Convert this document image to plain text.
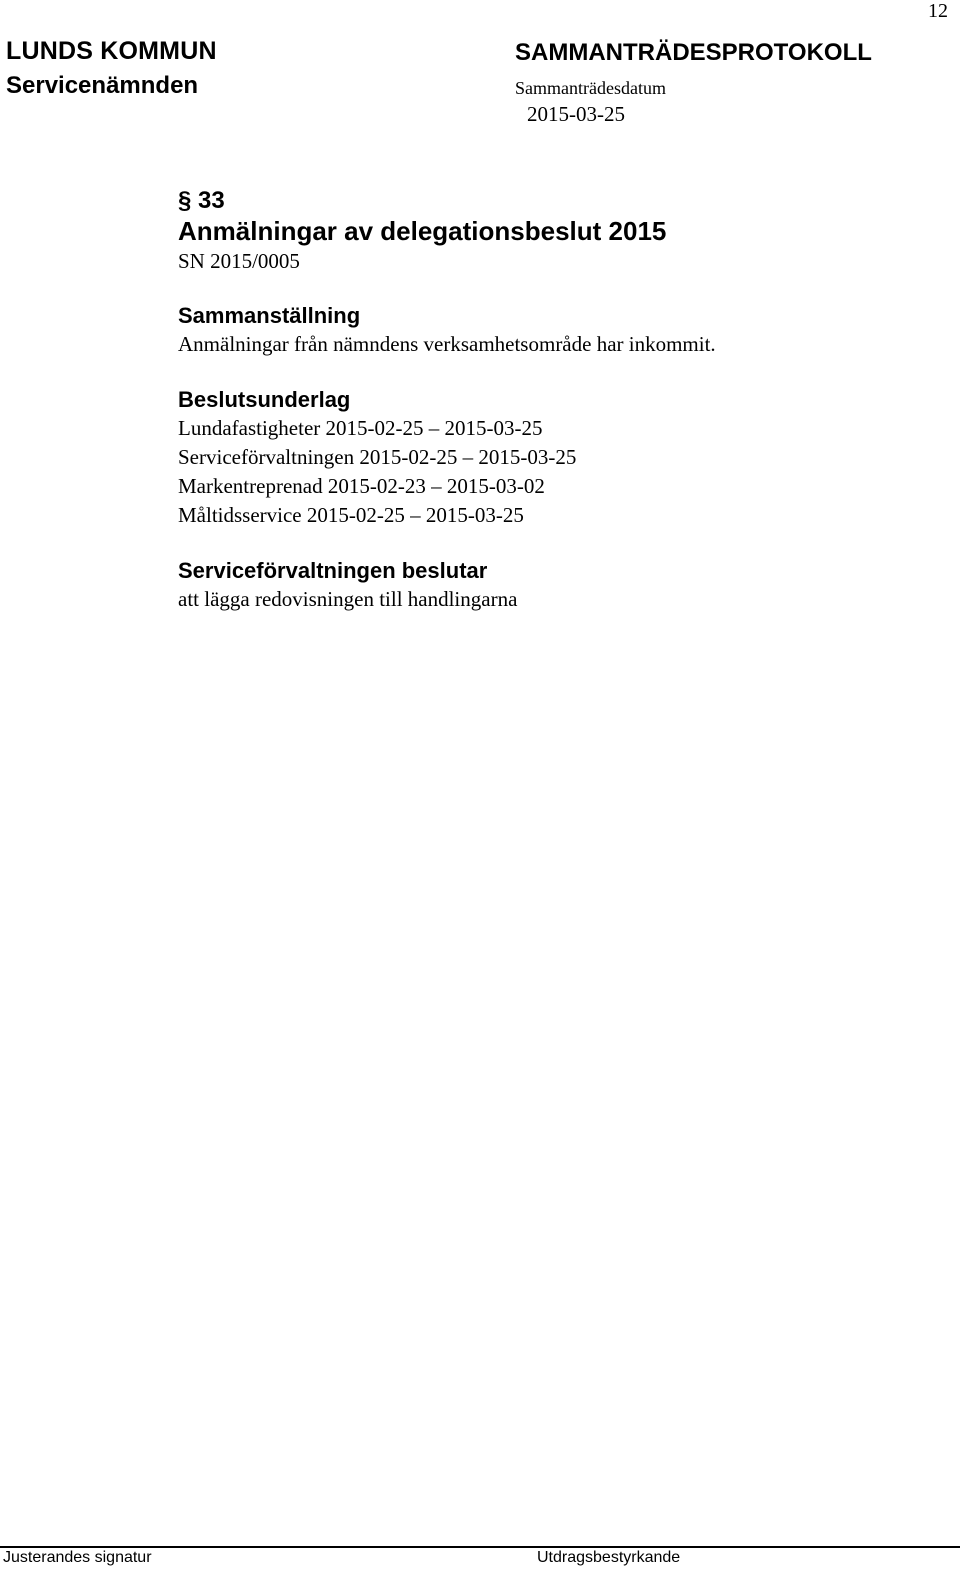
12
LUNDS KOMMUN
Servicenämnden
SAMMANTRÄDESPROTOKOLL
Sammanträdesdatum
2015-03-25

§ 33

Anmälningar av delegationsbeslut 2015

SN 2015/0005

Sammanställning

Anmälningar från nämndens verksamhetsområde har inkommit.

Beslutsunderlag

Lundafastigheter 2015-02-25 – 2015-03-25
Serviceförvaltningen 2015-02-25 – 2015-03-25
Markentreprenad 2015-02-23 – 2015-03-02
Måltidsservice 2015-02-25 – 2015-03-25

Serviceförvaltningen beslutar

att lägga redovisningen till handlingarna

Justerandes signatur	Utdragsbestyrkande
